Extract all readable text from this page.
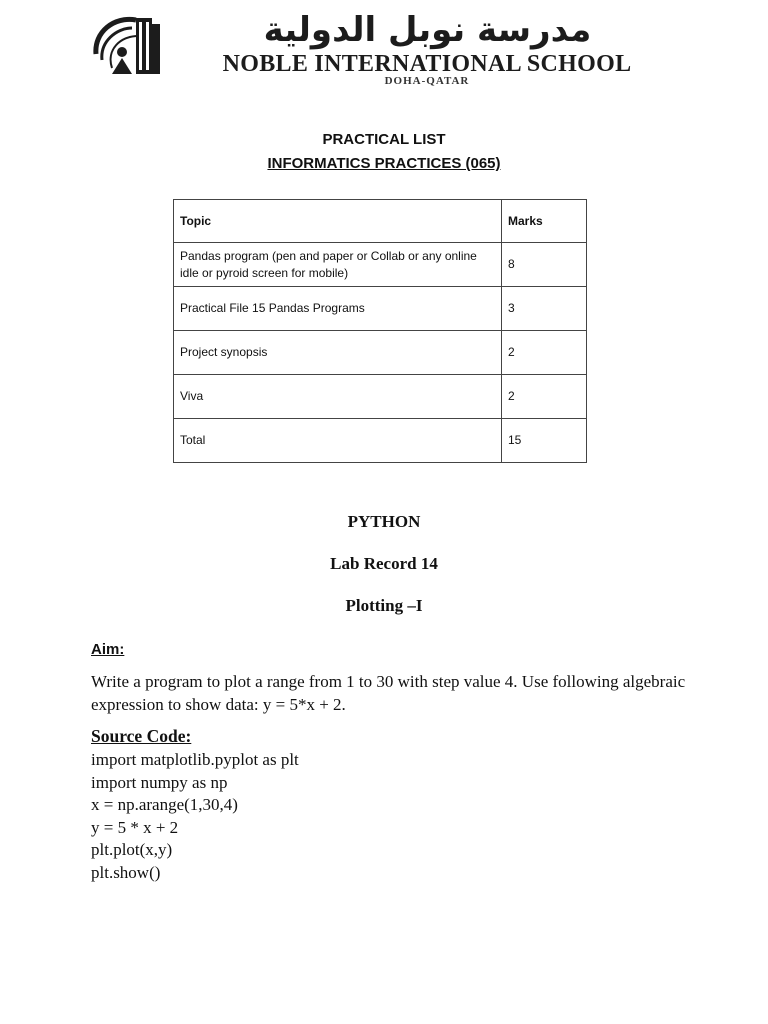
مدرسة نوبل الدولية
NOBLE INTERNATIONAL SCHOOL
DOHA-QATAR
PRACTICAL LIST
INFORMATICS PRACTICES (065)
Topic	Marks
Pandas program (pen and paper or Collab or any online idle or pyroid screen for mobile)	8
Practical File 15 Pandas Programs	3
Project synopsis	2
Viva	2
Total	15
PYTHON
Lab Record 14
Plotting –I
Aim:
Write a program to plot a range from 1 to 30 with step value 4. Use following algebraic expression to show data: y = 5*x + 2.
Source Code:
import matplotlib.pyplot as plt
import numpy as np
x = np.arange(1,30,4)
y = 5 * x + 2
plt.plot(x,y)
plt.show()
